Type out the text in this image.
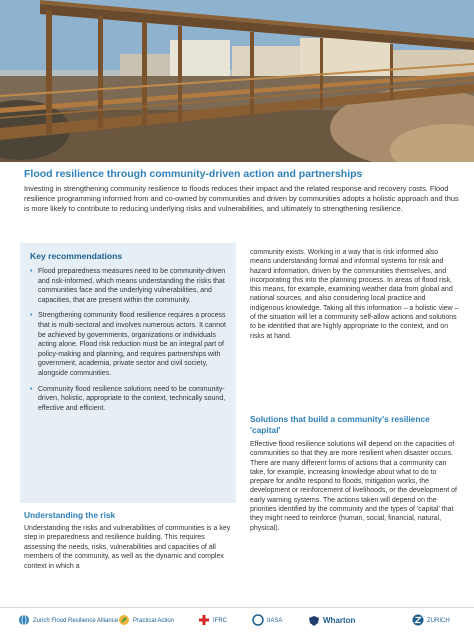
Flood resilience through community-driven action and partnerships
Investing in strengthening community resilience to floods reduces their impact and the related response and recovery costs. Flood resilience programming informed from and co-owned by communities and driven by communities adopts a holistic approach and thus is more likely to contribute to reducing underlying risks and vulnerabilities, and ultimately to strengthening resilience.
Key recommendations
• Flood preparedness measures need to be community-driven and risk-informed, which means understanding the risks that communities face and the underlying vulnerabilities, and capacities, that are present within the community.
• Strengthening community flood resilience requires a process that is multi-sectoral and involves numerous actors. It cannot be achieved by governments, organizations or individuals acting alone. Flood risk reduction must be an integral part of policy-making and planning, and requires partnerships with government, academia, private sector and civil society, alongside communities.
• Community flood resilience solutions need to be community-driven, holistic, appropriate to the context, technically sound, effective and efficient.
Understanding the risk
Understanding the risks and vulnerabilities of communities is a key step in preparedness and resilience building. This requires assessing the needs, risks, vulnerabilities and capacities of all members of the community, as well as the dynamic and complex context in which a
community exists. Working in a way that is risk informed also means understanding formal and informal systems for risk and hazard information, driven by the communities themselves, and incorporating this into the planning process. In areas of flood risk, this means, for example, examining weather data from global and national sources, and also considering local practice and indigenous knowledge. Taking all this information – a holistic view – of the situation will let a community self-allow actions and solutions to be identified that are highly appropriate to the context, and on risks at hand.
Solutions that build a community's resilience 'capital'
Effective flood resilience solutions will depend on the capacities of communities so that they are more resilient when disaster occurs. There are many different forms of actions that a community can take, for example, increasing knowledge about what to do to prepare for and/to respond to floods, mitigation works, the development or reinforcement of livelihoods, or the development of early warning systems. The actions taken will depend on the priorities identified by the community and the types of 'capital' that they might need to reinforce (human, social, financial, natural, physical).
Zurich Flood Resilience Alliance	Practical Action	IFRC	IIASA	Wharton	ZURICH
